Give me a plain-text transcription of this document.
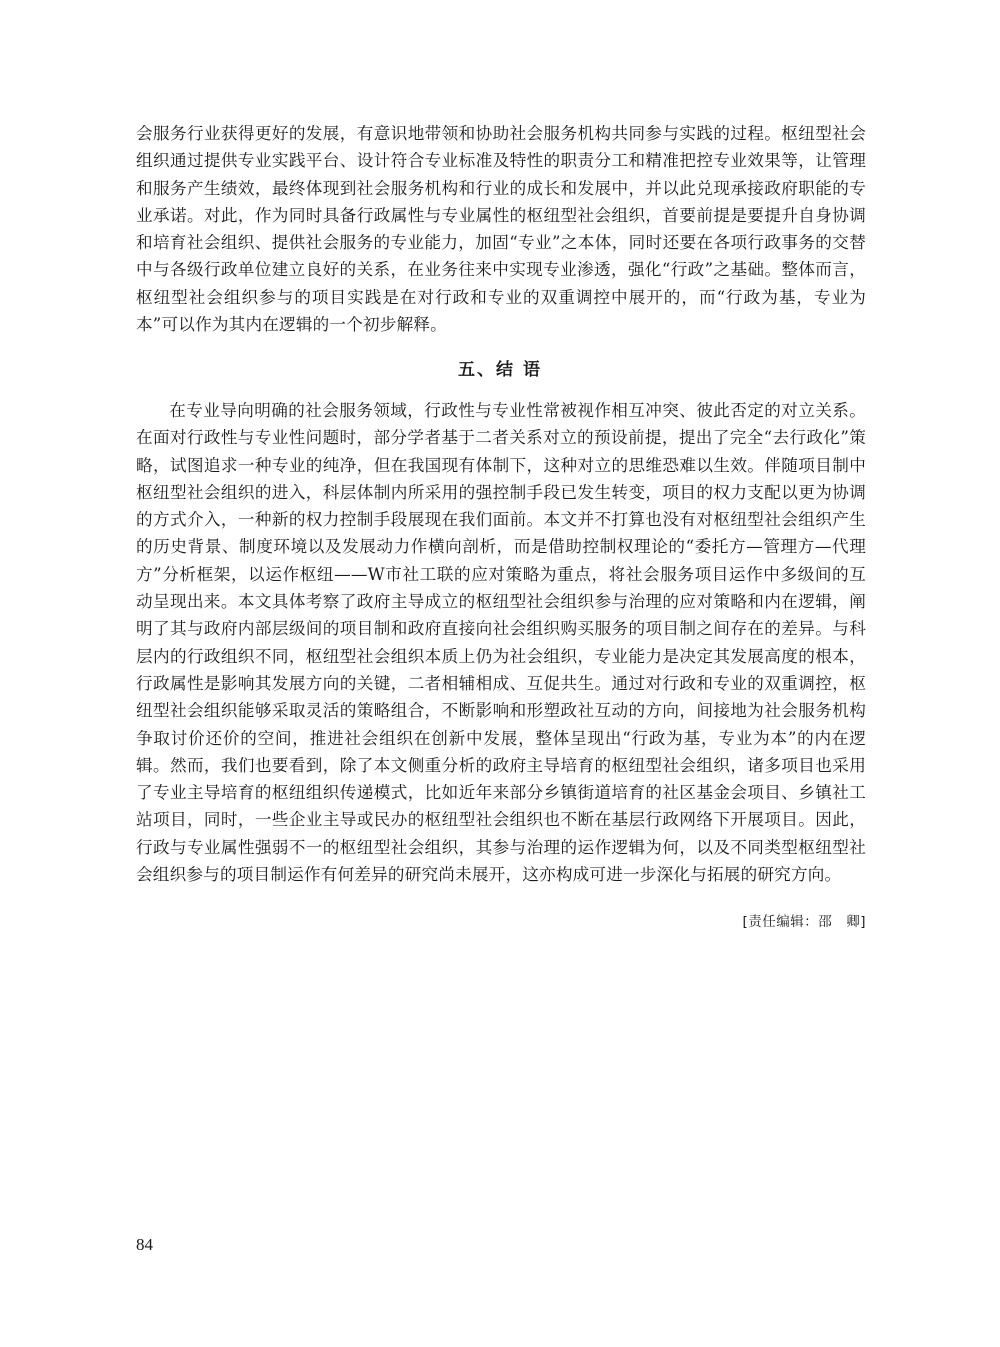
会服务行业获得更好的发展，有意识地带领和协助社会服务机构共同参与实践的过程。枢纽型社会组织通过提供专业实践平台、设计符合专业标准及特性的职责分工和精准把控专业效果等，让管理和服务产生绩效，最终体现到社会服务机构和行业的成长和发展中，并以此兑现承接政府职能的专业承诺。对此，作为同时具备行政属性与专业属性的枢纽型社会组织，首要前提是要提升自身协调和培育社会组织、提供社会服务的专业能力，加固“专业”之本体，同时还要在各项行政事务的交替中与各级行政单位建立良好的关系，在业务往来中实现专业渗透，强化“行政”之基础。整体而言，枢纽型社会组织参与的项目实践是在对行政和专业的双重调控中展开的，而“行政为基，专业为本”可以作为其内在逻辑的一个初步解释。

五、结 语

在专业导向明确的社会服务领域，行政性与专业性常被视作相互冲突、彼此否定的对立关系。在面对行政性与专业性问题时，部分学者基于二者关系对立的预设前提，提出了完全“去行政化”策略，试图追求一种专业的纯净，但在我国现有体制下，这种对立的思维恐难以生效。伴随项目制中枢纽型社会组织的进入，科层体制内所采用的强控制手段已发生转变，项目的权力支配以更为协调的方式介入，一种新的权力控制手段展现在我们面前。本文并不打算也没有对枢纽型社会组织产生的历史背景、制度环境以及发展动力作横向剖析，而是借助控制权理论的“委托方—管理方—代理方”分析框架，以运作枢纽——W市社工联的应对策略为重点，将社会服务项目运作中多级间的互动呈现出来。本文具体考察了政府主导成立的枢纽型社会组织参与治理的应对策略和内在逻辑，阐明了其与政府内部层级间的项目制和政府直接向社会组织购买服务的项目制之间存在的差异。与科层内的行政组织不同，枢纽型社会组织本质上仍为社会组织，专业能力是决定其发展高度的根本，行政属性是影响其发展方向的关键，二者相辅相成、互促共生。通过对行政和专业的双重调控，枢纽型社会组织能够采取灵活的策略组合，不断影响和形塑政社互动的方向，间接地为社会服务机构争取讨价还价的空间，推进社会组织在创新中发展，整体呈现出“行政为基，专业为本”的内在逻辑。然而，我们也要看到，除了本文侧重分析的政府主导培育的枢纽型社会组织，诸多项目也采用了专业主导培育的枢纽组织传递模式，比如近年来部分乡镇街道培育的社区基金会项目、乡镇社工站项目，同时，一些企业主导或民办的枢纽型社会组织也不断在基层行政网络下开展项目。因此，行政与专业属性强弱不一的枢纽型社会组织，其参与治理的运作逻辑为何，以及不同类型枢纽型社会组织参与的项目制运作有何差异的研究尚未展开，这亦构成可进一步深化与拓展的研究方向。

[责任编辑：邵　卿]

84
